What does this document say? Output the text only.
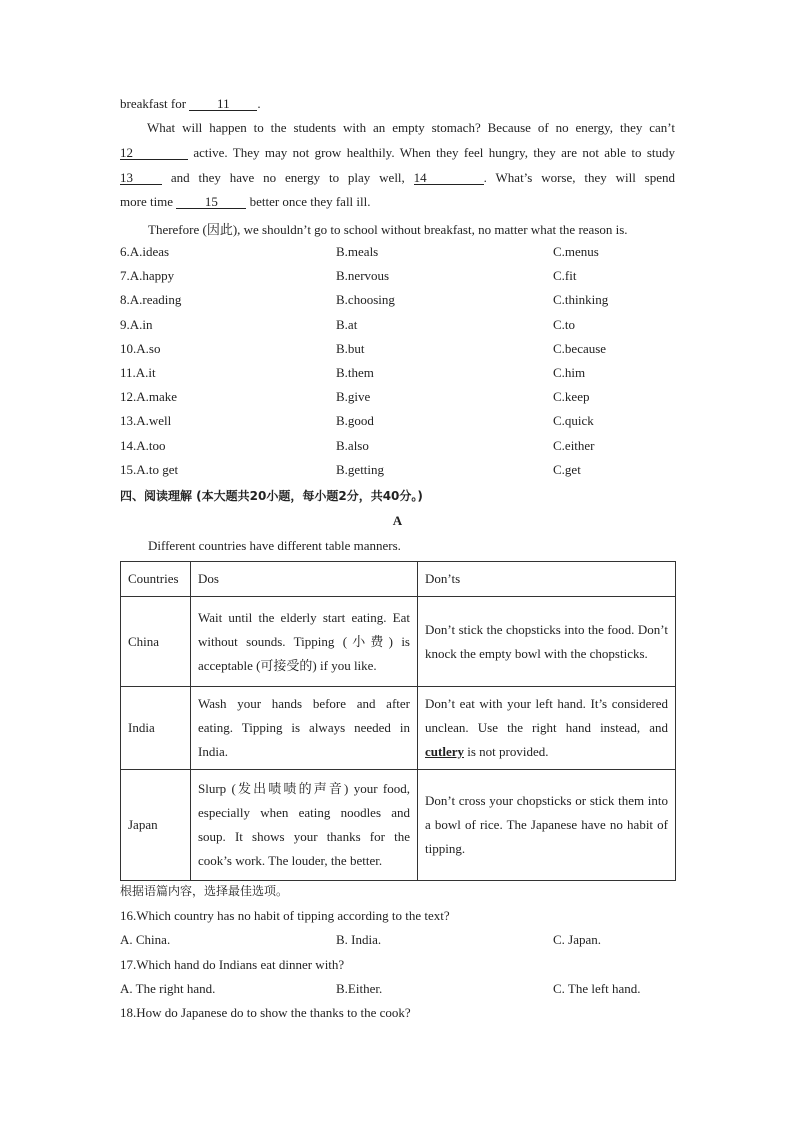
breakfast for 11 .
What will happen to the students with an empty stomach? Because of no energy, they can’t
12	active. They may not grow healthily. When they feel hungry, they are not able to study
13 and they have no energy to play well, 14	. What’s worse, they will spend
more time 15 better once they fall ill.
Therefore (因此), we shouldn’t go to school without breakfast, no matter what the reason is.
6.A.ideas	B.meals	C.menus
7.A.happy	B.nervous	C.fit
8.A.reading	B.choosing	C.thinking
9.A.in	B.at	C.to
10.A.so	B.but	C.because
11.A.it	B.them	C.him
12.A.make	B.give	C.keep
13.A.well	B.good	C.quick
14.A.too	B.also	C.either
15.A.to get	B.getting	C.get
四、阅读理解 (本大题共20小题，每小题2分，共40分。)
A
Different countries have different table manners.
Countries	Dos	Don’ts
China	Wait until the elderly start eating. Eat without sounds. Tipping (小费) is acceptable (可接受的) if you like.	Don’t stick the chopsticks into the food. Don’t knock the empty bowl with the chopsticks.
India	Wash your hands before and after eating. Tipping is always needed in India.	Don’t eat with your left hand. It’s considered unclean. Use the right hand instead, and cutlery is not provided.
Japan	Slurp (发出啧啧的声音) your food, especially when eating noodles and soup. It shows your thanks for the cook’s work. The louder, the better.	Don’t cross your chopsticks or stick them into a bowl of rice. The Japanese have no habit of tipping.
根据语篇内容，选择最佳选项。
16.Which country has no habit of tipping according to the text?
A. China.	B. India.	C. Japan.
17.Which hand do Indians eat dinner with?
A. The right hand.	B.Either.	C. The left hand.
18.How do Japanese do to show the thanks to the cook?
